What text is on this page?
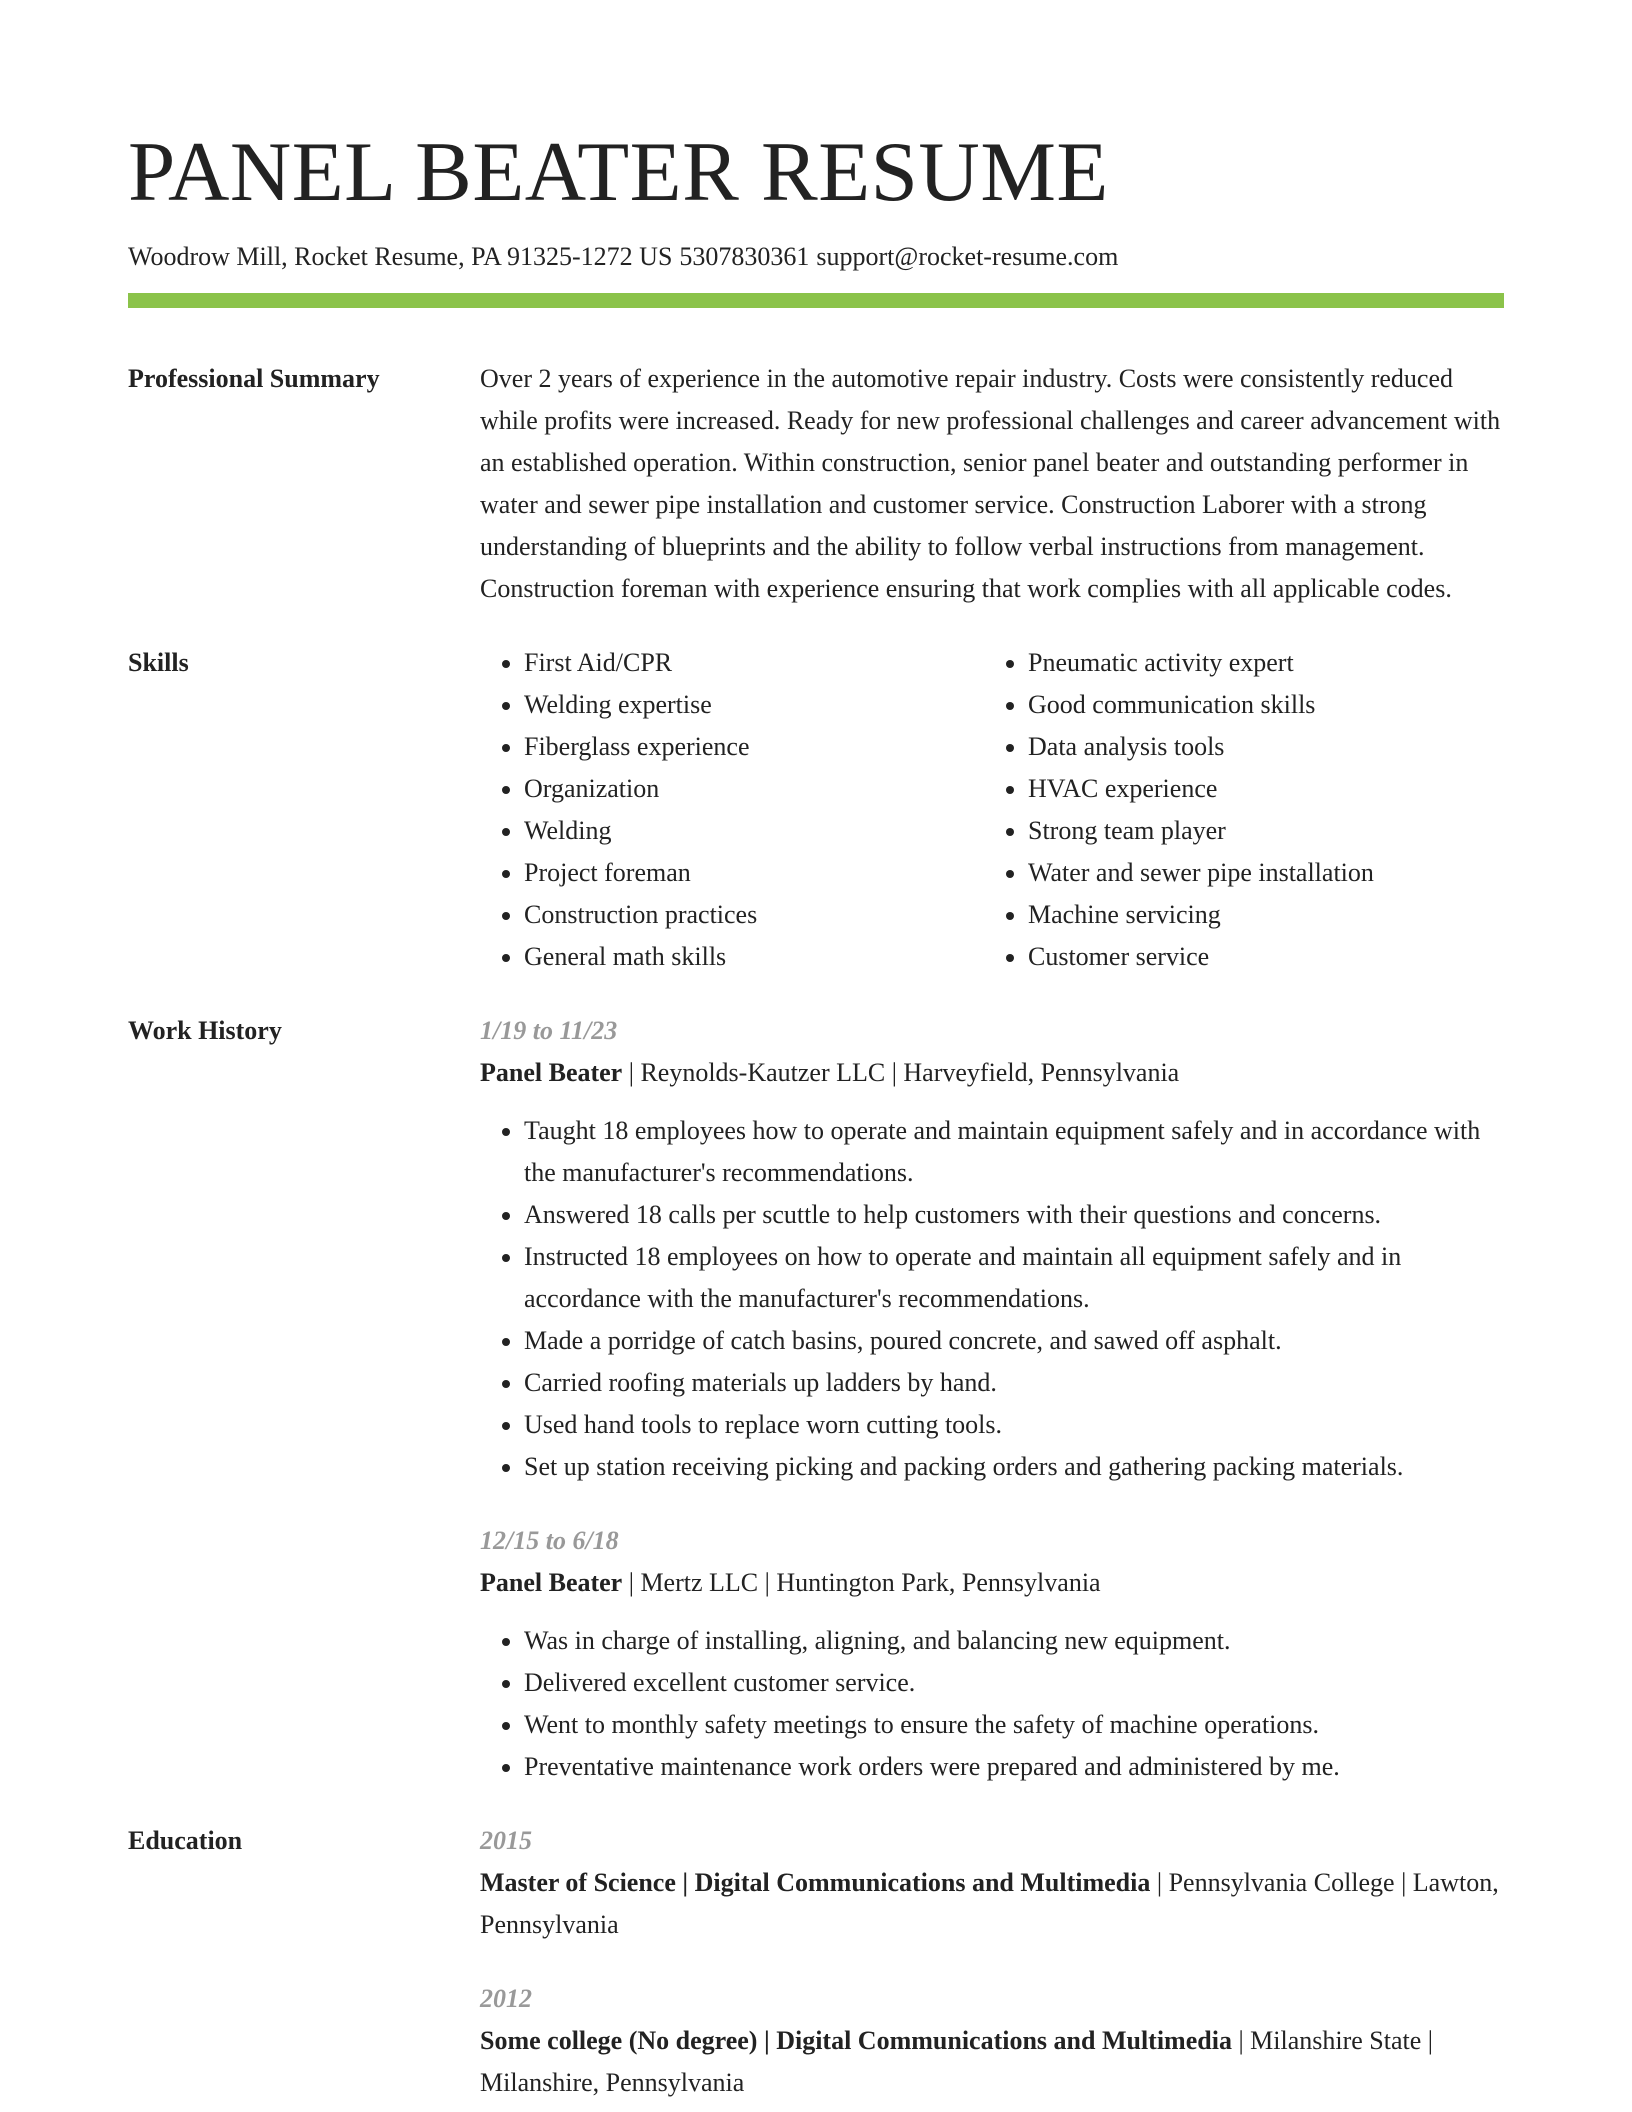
PANEL BEATER RESUME
Woodrow Mill, Rocket Resume, PA 91325-1272 US 5307830361 support@rocket-resume.com
Professional Summary	Over 2 years of experience in the automotive repair industry. Costs were consistently reduced while profits were increased. Ready for new professional challenges and career advancement with an established operation. Within construction, senior panel beater and outstanding performer in water and sewer pipe installation and customer service. Construction Laborer with a strong understanding of blueprints and the ability to follow verbal instructions from management. Construction foreman with experience ensuring that work complies with all applicable codes.

Skills
•	First Aid/CPR
• Welding expertise
• Fiberglass experience
• Organization
• Welding
• Project foreman
• Construction practices
• General math skills
• Pneumatic activity expert
• Good communication skills
• Data analysis tools
• HVAC experience
• Strong team player
• Water and sewer pipe installation
• Machine servicing
• Customer service
Work History	1/19 to 11/23
Panel Beater | Reynolds-Kautzer LLC | Harveyfield, Pennsylvania
• Taught 18 employees how to operate and maintain equipment safely and in accordance with the manufacturer's recommendations.
• Answered 18 calls per scuttle to help customers with their questions and concerns.
• Instructed 18 employees on how to operate and maintain all equipment safely and in accordance with the manufacturer's recommendations.
• Made a porridge of catch basins, poured concrete, and sawed off asphalt.
• Carried roofing materials up ladders by hand.
• Used hand tools to replace worn cutting tools.
• Set up station receiving picking and packing orders and gathering packing materials.
12/15 to 6/18
Panel Beater | Mertz LLC | Huntington Park, Pennsylvania
• Was in charge of installing, aligning, and balancing new equipment.
• Delivered excellent customer service.
• Went to monthly safety meetings to ensure the safety of machine operations.
• Preventative maintenance work orders were prepared and administered by me.
Education	2015
Master of Science | Digital Communications and Multimedia | Pennsylvania College | Lawton, Pennsylvania
2012
Some college (No degree) | Digital Communications and Multimedia | Milanshire State | Milanshire, Pennsylvania
